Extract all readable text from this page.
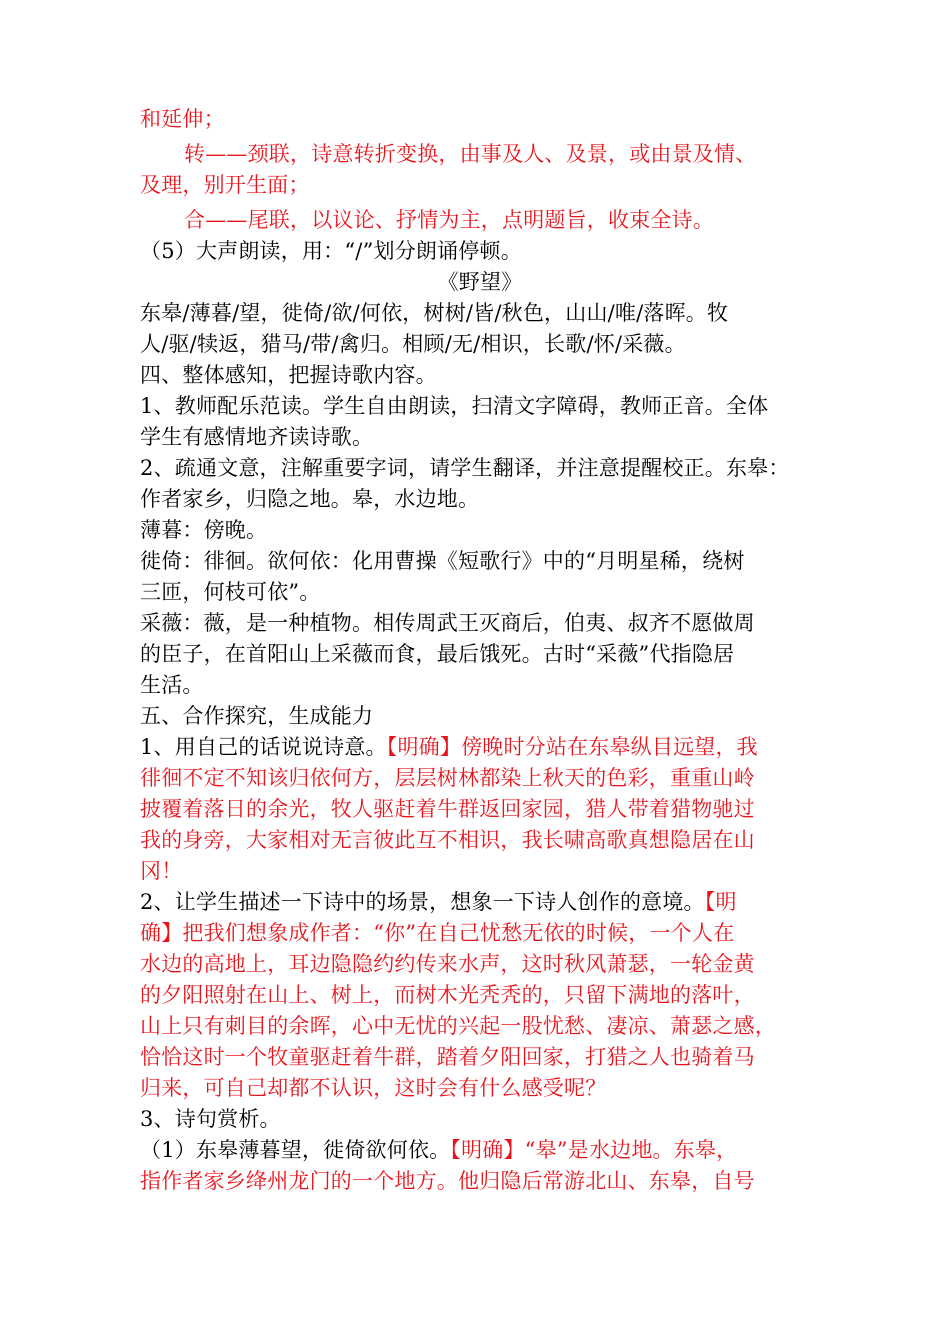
和延伸；
转——颈联，诗意转折变换，由事及人、及景，或由景及情、
及理，别开生面；
合——尾联，以议论、抒情为主，点明题旨，收束全诗。
（5）大声朗读，用：“/”划分朗诵停顿。
《野望》
东皋/薄暮/望，徙倚/欲/何依，树树/皆/秋色，山山/唯/落晖。牧
人/驱/犊返，猎马/带/禽归。相顾/无/相识，长歌/怀/采薇。
四、整体感知，把握诗歌内容。
1、教师配乐范读。学生自由朗读，扫清文字障碍，教师正音。全体
学生有感情地齐读诗歌。
2、疏通文意，注解重要字词，请学生翻译，并注意提醒校正。东皋：
作者家乡，归隐之地。皋，水边地。
薄暮：傍晚。
徙倚：徘徊。欲何依：化用曹操《短歌行》中的“月明星稀，绕树
三匝，何枝可依”。
采薇：薇，是一种植物。相传周武王灭商后，伯夷、叔齐不愿做周
的臣子，在首阳山上采薇而食，最后饿死。古时“采薇”代指隐居
生活。
五、合作探究，生成能力
1、用自己的话说说诗意。【明确】傍晚时分站在东皋纵目远望，我
徘徊不定不知该归依何方，层层树林都染上秋天的色彩，重重山岭
披覆着落日的余光，牧人驱赶着牛群返回家园，猎人带着猎物驰过
我的身旁，大家相对无言彼此互不相识，我长啸高歌真想隐居在山
冈！
2、让学生描述一下诗中的场景，想象一下诗人创作的意境。【明
确】把我们想象成作者：“你”在自己忧愁无依的时候，一个人在
水边的高地上，耳边隐隐约约传来水声，这时秋风萧瑟，一轮金黄
的夕阳照射在山上、树上，而树木光秃秃的，只留下满地的落叶，
山上只有刺目的余晖，心中无忧的兴起一股忧愁、凄凉、萧瑟之感，
恰恰这时一个牧童驱赶着牛群，踏着夕阳回家，打猎之人也骑着马
归来，可自己却都不认识，这时会有什么感受呢？
3、诗句赏析。
（1）东皋薄暮望，徙倚欲何依。【明确】“皋”是水边地。东皋，
指作者家乡绛州龙门的一个地方。他归隐后常游北山、东皋，自号
